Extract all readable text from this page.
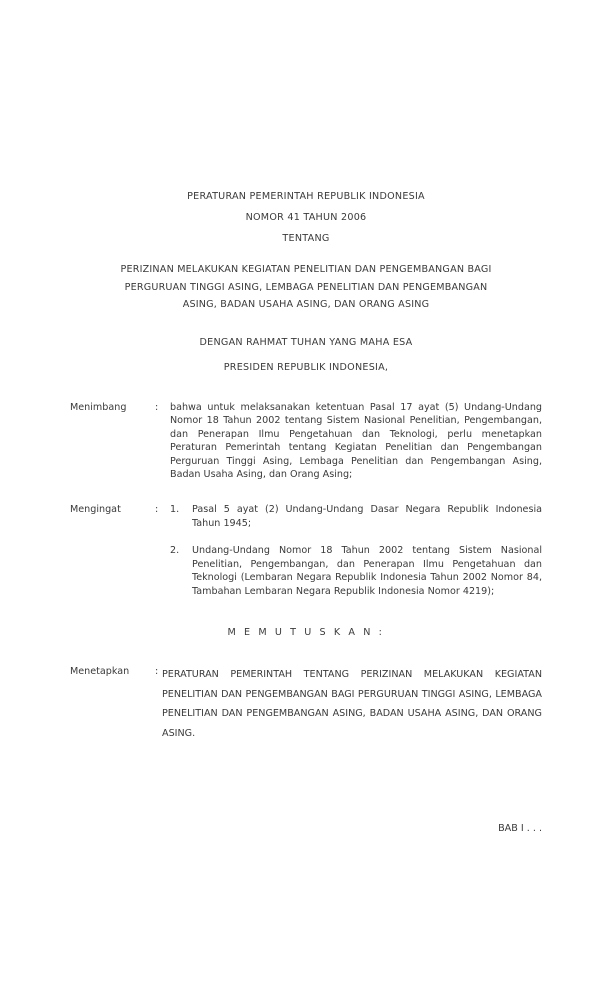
PERATURAN PEMERINTAH REPUBLIK INDONESIA
NOMOR 41 TAHUN 2006
TENTANG
PERIZINAN MELAKUKAN KEGIATAN PENELITIAN DAN PENGEMBANGAN BAGI
PERGURUAN TINGGI ASING, LEMBAGA PENELITIAN DAN PENGEMBANGAN
ASING, BADAN USAHA ASING, DAN ORANG ASING
DENGAN RAHMAT TUHAN YANG MAHA ESA
PRESIDEN REPUBLIK INDONESIA,
Menimbang	:	bahwa untuk melaksanakan ketentuan Pasal 17 ayat (5) Undang-Undang Nomor 18 Tahun 2002 tentang Sistem Nasional Penelitian, Pengembangan, dan Penerapan Ilmu Pengetahuan dan Teknologi, perlu menetapkan Peraturan Pemerintah tentang Kegiatan Penelitian dan Pengembangan Perguruan Tinggi Asing, Lembaga Penelitian dan Pengembangan Asing, Badan Usaha Asing, dan Orang Asing;

Mengingat	:	1. Pasal 5 ayat (2) Undang-Undang Dasar Negara Republik Indonesia Tahun 1945;
2. Undang-Undang Nomor 18 Tahun 2002 tentang Sistem Nasional Penelitian, Pengembangan, dan Penerapan Ilmu Pengetahuan dan Teknologi (Lembaran Negara Republik Indonesia Tahun 2002 Nomor 84, Tambahan Lembaran Negara Republik Indonesia Nomor 4219);
M E M U T U S K A N :
Menetapkan	: PERATURAN PEMERINTAH TENTANG PERIZINAN MELAKUKAN KEGIATAN PENELITIAN DAN PENGEMBANGAN BAGI PERGURUAN TINGGI ASING, LEMBAGA PENELITIAN DAN PENGEMBANGAN ASING, BADAN USAHA ASING, DAN ORANG ASING.

BAB I . . .
